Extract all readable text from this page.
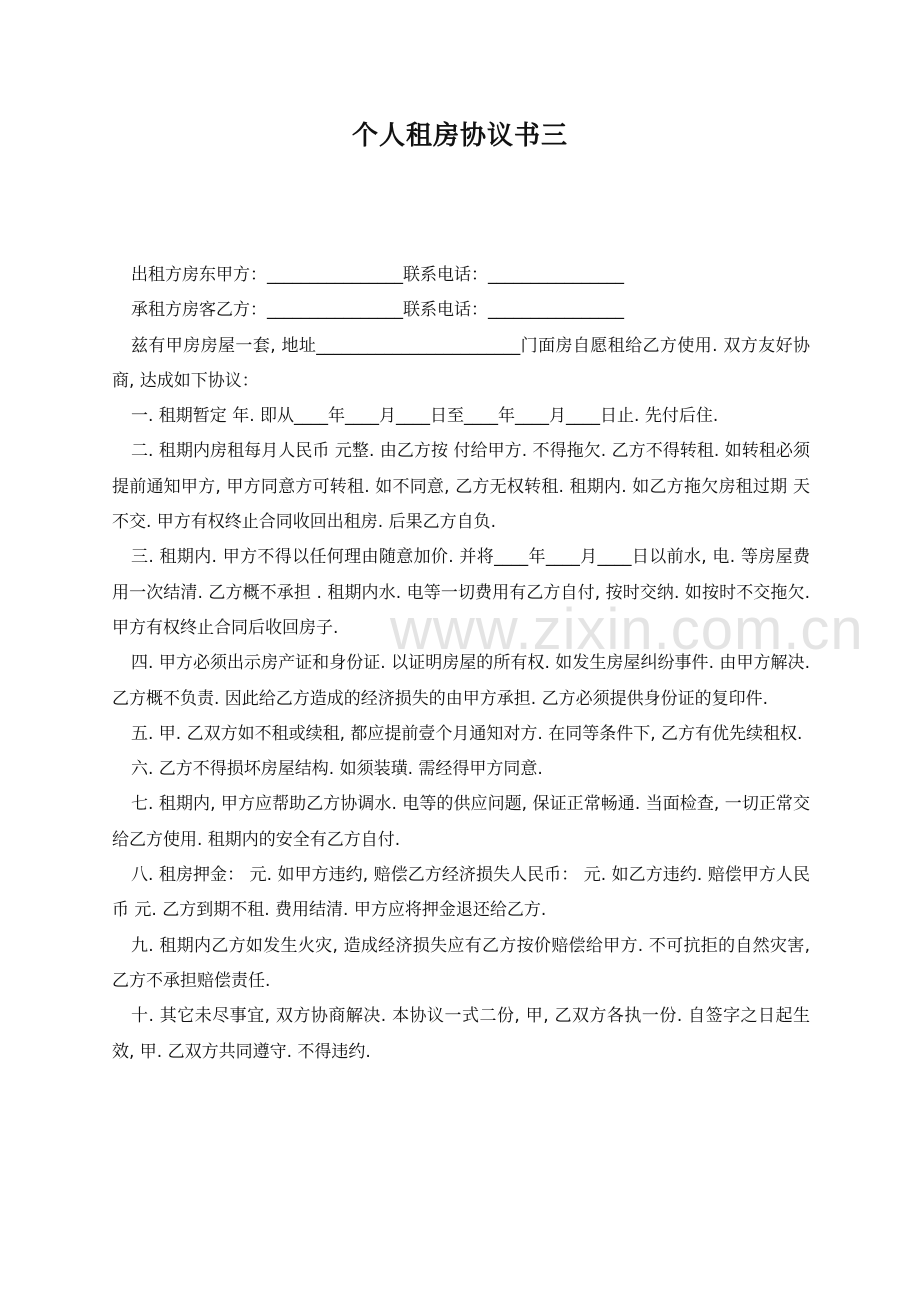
www.zixin.com.cn
个人租房协议书三

出租方房东甲方：________________联系电话：________________

承租方房客乙方：________________联系电话：________________

兹有甲房房屋一套, 地址________________________门面房自愿租给乙方使用. 双方友好协商, 达成如下协议：

一. 租期暂定 年. 即从____年____月____日至____年____月____日止. 先付后住.

二. 租期内房租每月人民币 元整. 由乙方按 付给甲方. 不得拖欠. 乙方不得转租. 如转租必须提前通知甲方, 甲方同意方可转租. 如不同意, 乙方无权转租. 租期内. 如乙方拖欠房租过期 天不交. 甲方有权终止合同收回出租房. 后果乙方自负.

三. 租期内. 甲方不得以任何理由随意加价. 并将____年____月____日以前水, 电. 等房屋费用一次结清. 乙方概不承担 . 租期内水. 电等一切费用有乙方自付, 按时交纳. 如按时不交拖欠. 甲方有权终止合同后收回房子.

四. 甲方必须出示房产证和身份证. 以证明房屋的所有权. 如发生房屋纠纷事件. 由甲方解决. 乙方概不负责. 因此给乙方造成的经济损失的由甲方承担. 乙方必须提供身份证的复印件.

五. 甲. 乙双方如不租或续租, 都应提前壹个月通知对方. 在同等条件下, 乙方有优先续租权.

六. 乙方不得损坏房屋结构. 如须装璜. 需经得甲方同意.

七. 租期内, 甲方应帮助乙方协调水. 电等的供应问题, 保证正常畅通. 当面检查, 一切正常交给乙方使用. 租期内的安全有乙方自付.

八. 租房押金： 元. 如甲方违约, 赔偿乙方经济损失人民币： 元. 如乙方违约. 赔偿甲方人民币 元. 乙方到期不租. 费用结清. 甲方应将押金退还给乙方.

九. 租期内乙方如发生火灾, 造成经济损失应有乙方按价赔偿给甲方. 不可抗拒的自然灾害, 乙方不承担赔偿责任.

十. 其它未尽事宜, 双方协商解决. 本协议一式二份, 甲, 乙双方各执一份. 自签字之日起生效, 甲. 乙双方共同遵守. 不得违约.
